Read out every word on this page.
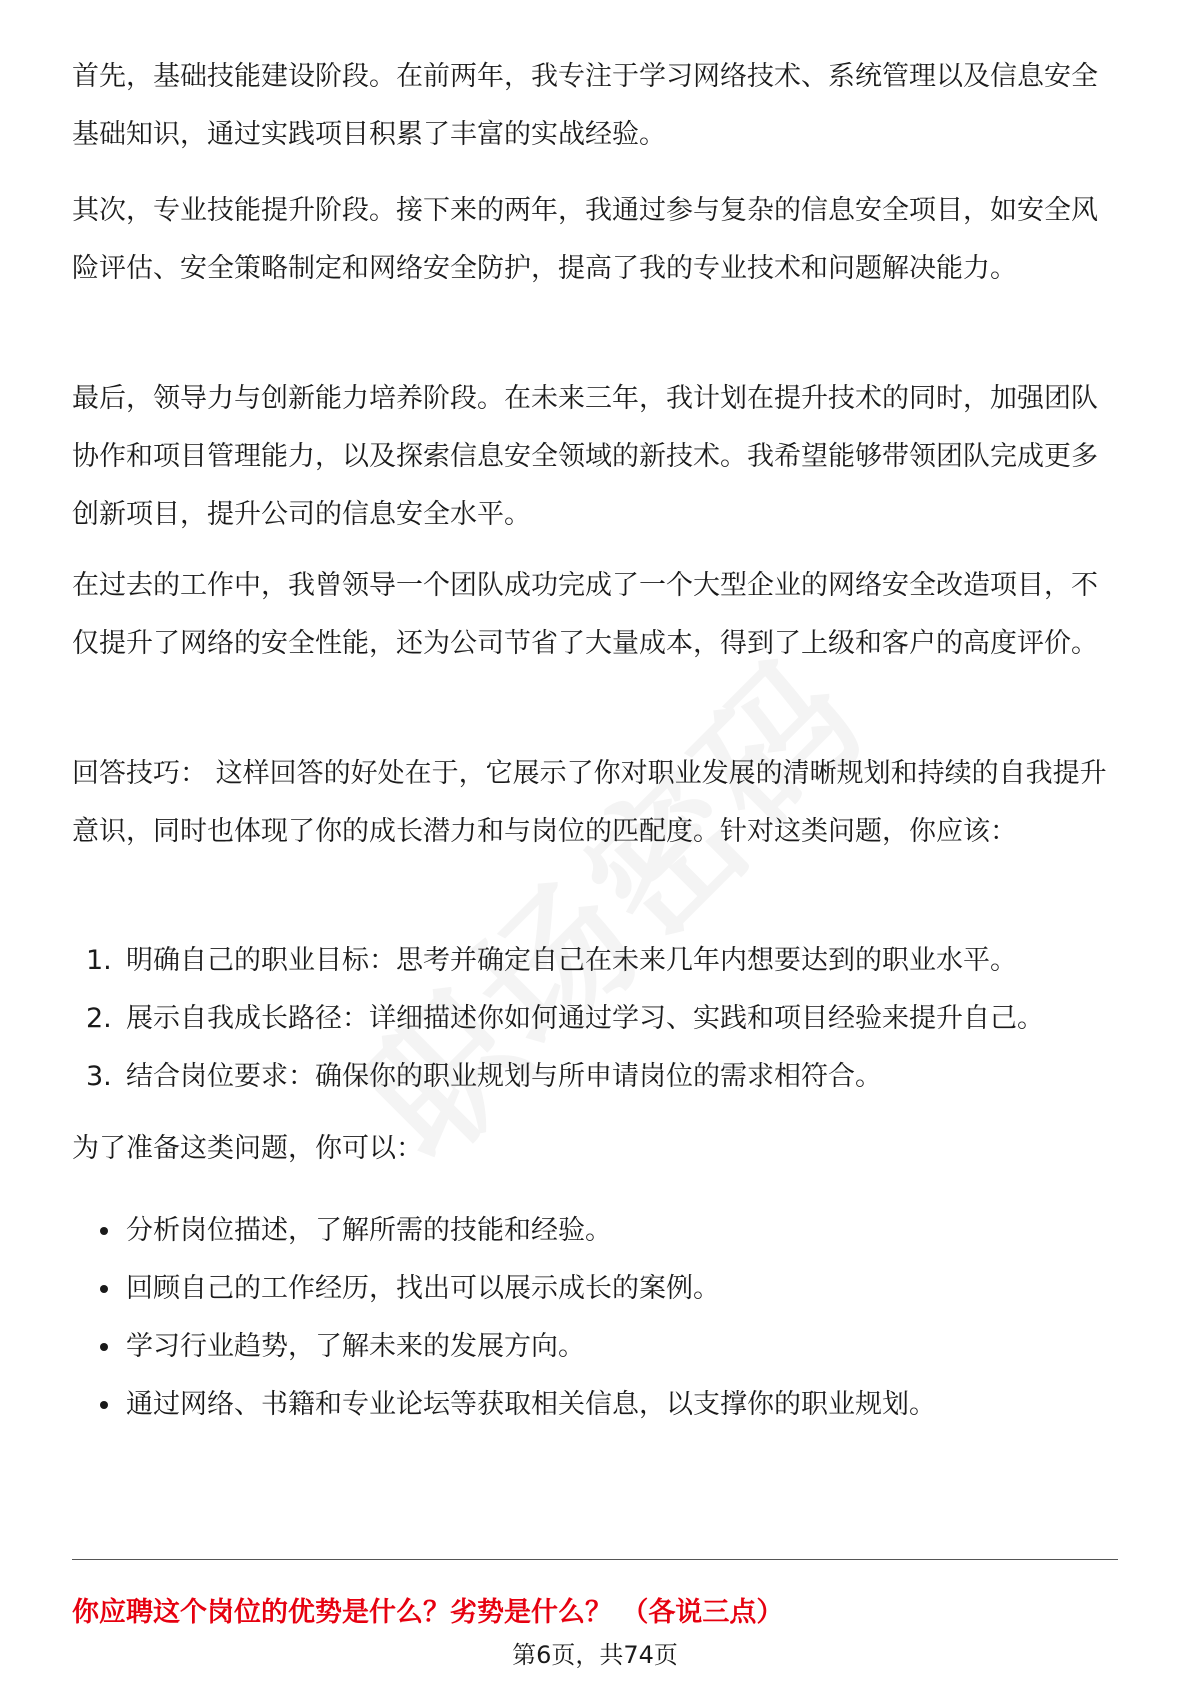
首先，基础技能建设阶段。在前两年，我专注于学习网络技术、系统管理以及信息安全基础知识，通过实践项目积累了丰富的实战经验。

其次，专业技能提升阶段。接下来的两年，我通过参与复杂的信息安全项目，如安全风险评估、安全策略制定和网络安全防护，提高了我的专业技术和问题解决能力。

最后，领导力与创新能力培养阶段。在未来三年，我计划在提升技术的同时，加强团队协作和项目管理能力，以及探索信息安全领域的新技术。我希望能够带领团队完成更多创新项目，提升公司的信息安全水平。

在过去的工作中，我曾领导一个团队成功完成了一个大型企业的网络安全改造项目，不仅提升了网络的安全性能，还为公司节省了大量成本，得到了上级和客户的高度评价。

回答技巧： 这样回答的好处在于，它展示了你对职业发展的清晰规划和持续的自我提升意识，同时也体现了你的成长潜力和与岗位的匹配度。针对这类问题，你应该：

1. 明确自己的职业目标：思考并确定自己在未来几年内想要达到的职业水平。
2. 展示自我成长路径：详细描述你如何通过学习、实践和项目经验来提升自己。
3. 结合岗位要求：确保你的职业规划与所申请岗位的需求相符合。

为了准备这类问题，你可以：

分析岗位描述，了解所需的技能和经验。
回顾自己的工作经历，找出可以展示成长的案例。
学习行业趋势，了解未来的发展方向。
通过网络、书籍和专业论坛等获取相关信息，以支撑你的职业规划。

你应聘这个岗位的优势是什么？劣势是什么？ （各说三点）

第6页，共74页
